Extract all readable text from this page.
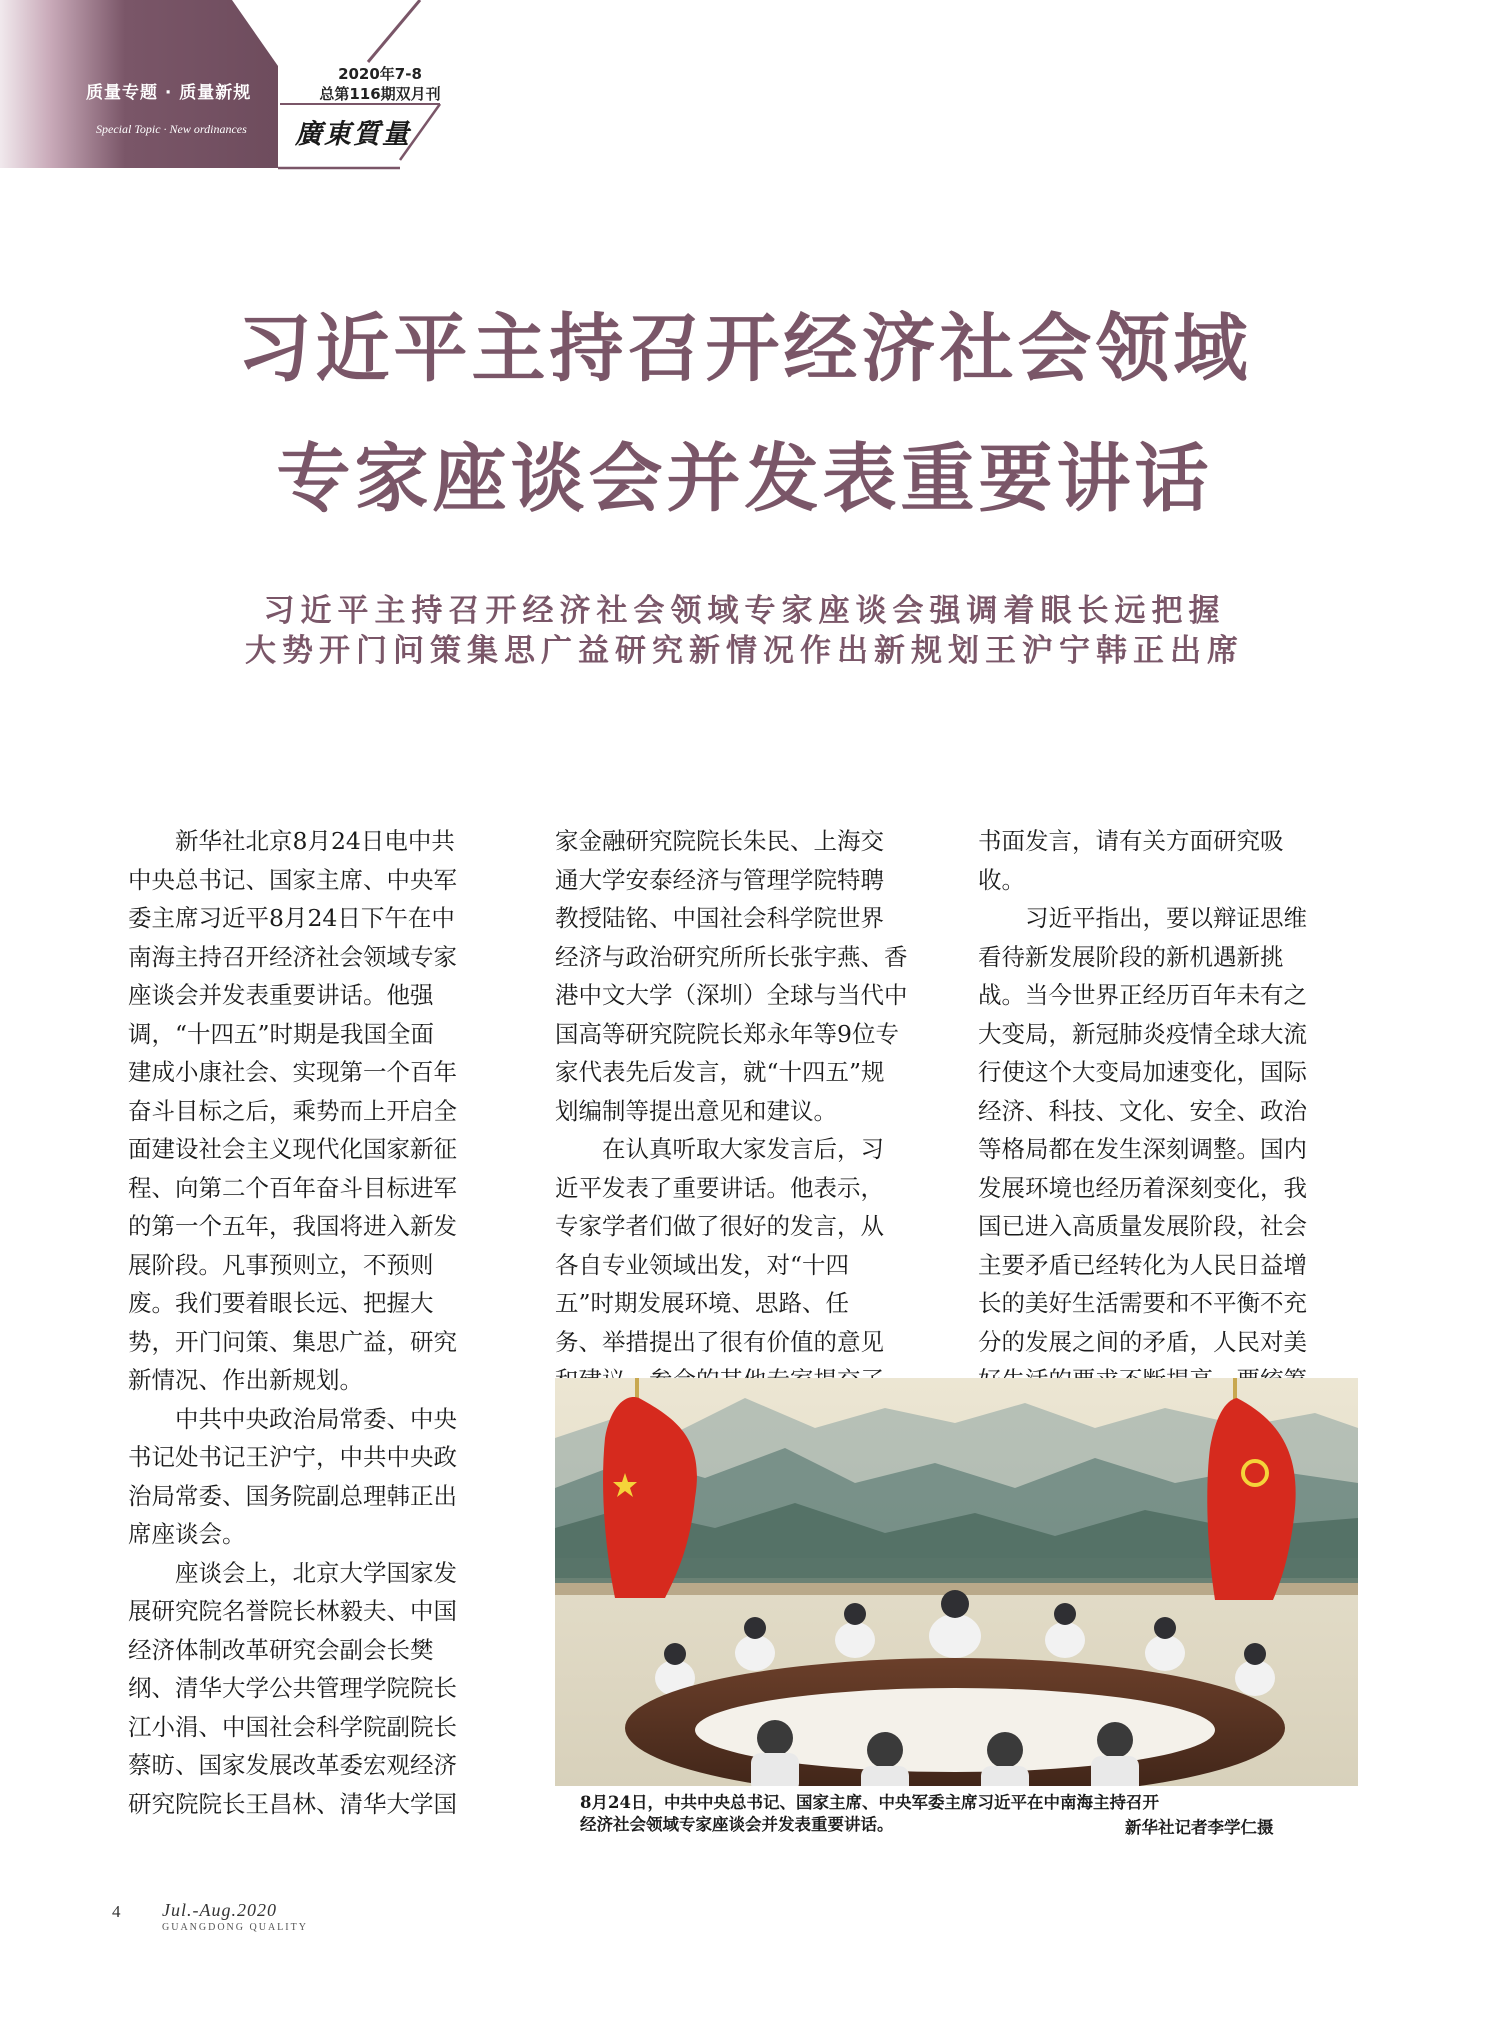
质量专题 · 质量新规
Special Topic · New ordinances
2020年7-8
总第116期双月刊
廣東質量
习近平主持召开经济社会领域
专家座谈会并发表重要讲话
习近平主持召开经济社会领域专家座谈会强调着眼长远把握
大势开门问策集思广益研究新情况作出新规划王沪宁韩正出席
　　新华社北京8月24日电中共
中央总书记、国家主席、中央军
委主席习近平8月24日下午在中
南海主持召开经济社会领域专家
座谈会并发表重要讲话。他强
调，“十四五”时期是我国全面
建成小康社会、实现第一个百年
奋斗目标之后，乘势而上开启全
面建设社会主义现代化国家新征
程、向第二个百年奋斗目标进军
的第一个五年，我国将进入新发
展阶段。凡事预则立，不预则
废。我们要着眼长远、把握大
势，开门问策、集思广益，研究
新情况、作出新规划。
　　中共中央政治局常委、中央
书记处书记王沪宁，中共中央政
治局常委、国务院副总理韩正出
席座谈会。
　　座谈会上，北京大学国家发
展研究院名誉院长林毅夫、中国
经济体制改革研究会副会长樊
纲、清华大学公共管理学院院长
江小涓、中国社会科学院副院长
蔡昉、国家发展改革委宏观经济
研究院院长王昌林、清华大学国
家金融研究院院长朱民、上海交
通大学安泰经济与管理学院特聘
教授陆铭、中国社会科学院世界
经济与政治研究所所长张宇燕、香
港中文大学（深圳）全球与当代中
国高等研究院院长郑永年等9位专
家代表先后发言，就“十四五”规
划编制等提出意见和建议。
　　在认真听取大家发言后，习
近平发表了重要讲话。他表示，
专家学者们做了很好的发言，从
各自专业领域出发，对“十四
五”时期发展环境、思路、任
务、举措提出了很有价值的意见
书面发言，请有关方面研究吸
收。
　　习近平指出，要以辩证思维
看待新发展阶段的新机遇新挑
战。当今世界正经历百年未有之
大变局，新冠肺炎疫情全球大流
行使这个大变局加速变化，国际
经济、科技、文化、安全、政治
等格局都在发生深刻调整。国内
发展环境也经历着深刻变化，我
国已进入高质量发展阶段，社会
主要矛盾已经转化为人民日益增
长的美好生活需要和不平衡不充
分的发展之间的矛盾，人民对美
8月24日，中共中央总书记、国家主席、中央军委主席习近平在中南海主持召开
经济社会领域专家座谈会并发表重要讲话。	新华社记者李学仁摄
4 Jul.-Aug.2020
GUANGDONG QUALITY
